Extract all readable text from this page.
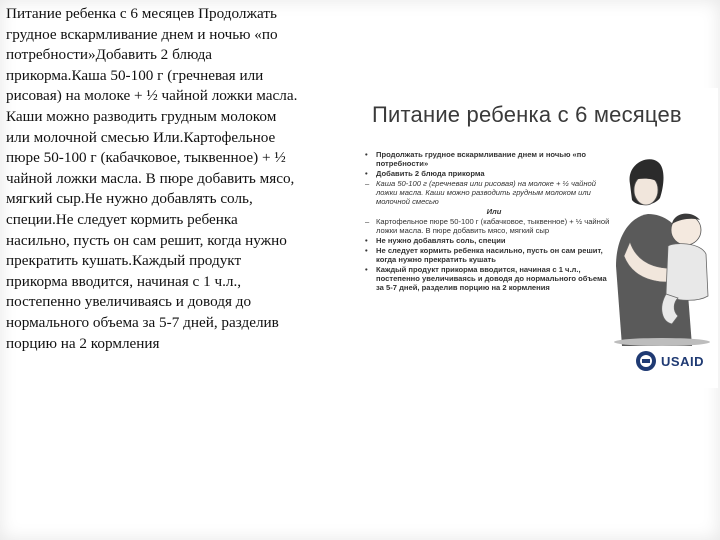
Питание ребенка с 6 месяцев Продолжать грудное вскармливание днем и ночью «по потребности»Добавить 2 блюда прикорма.Каша 50-100 г (гречневая или рисовая) на молоке + ½ чайной ложки масла. Каши можно разводить грудным молоком или молочной смесью Или.Картофельное пюре 50-100 г (кабачковое, тыквенное) + ½ чайной ложки масла. В пюре добавить мясо, мягкий сыр.Не нужно добавлять соль, специи.Не следует кормить ребенка насильно, пусть он сам решит, когда нужно прекратить кушать.Каждый продукт прикорма вводится, начиная с 1 ч.л., постепенно увеличиваясь и доводя до нормального объема за 5-7 дней, разделив порцию на 2 кормления
Питание ребенка с 6 месяцев
• Продолжать грудное вскармливание днем и ночью «по потребности»
• Добавить 2 блюда прикорма
– Каша 50-100 г (гречневая или рисовая) на молоке + ½ чайной ложки масла. Каши можно разводить грудным молоком или молочной смесью
Или
– Картофельное пюре 50-100 г (кабачковое, тыквенное) + ½ чайной ложки масла. В пюре добавить мясо, мягкий сыр
• Не нужно добавлять соль, специи
• Не следует кормить ребенка насильно, пусть он сам решит, когда нужно прекратить кушать
• Каждый продукт прикорма вводится, начиная с 1 ч.л., постепенно увеличиваясь и доводя до нормального объема за 5-7 дней, разделив порцию на 2 кормления
USAID
